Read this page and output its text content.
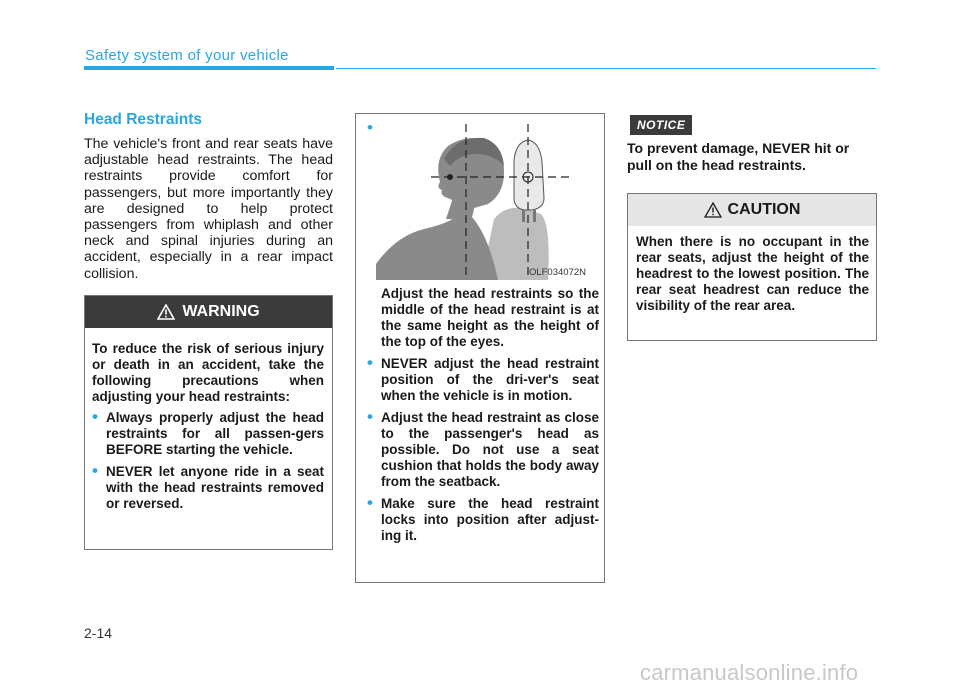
Safety system of your vehicle
Head Restraints
The vehicle's front and rear seats have adjustable head restraints. The head restraints provide comfort for passengers, but more importantly they are designed to help protect passengers from whiplash and other neck and spinal injuries during an accident, especially in a rear impact collision.
WARNING
To reduce the risk of serious injury or death in an accident, take the following precautions when adjusting your head restraints:
• Always properly adjust the head restraints for all passen-gers BEFORE starting the vehicle.
• NEVER let anyone ride in a seat with the head restraints removed or reversed.
•
OLF034072N
Adjust the head restraints so the middle of the head restraint is at the same height as the height of the top of the eyes.
• NEVER adjust the head restraint position of the dri-ver's seat when the vehicle is in motion.
• Adjust the head restraint as close to the passenger's head as possible. Do not use a seat cushion that holds the body away from the seatback.
• Make sure the head restraint locks into position after adjust-ing it.
NOTICE
To prevent damage, NEVER hit or pull on the head restraints.
CAUTION
When there is no occupant in the rear seats, adjust the height of the headrest to the lowest position. The rear seat headrest can reduce the visibility of the rear area.
2-14
carmanualsonline.info
